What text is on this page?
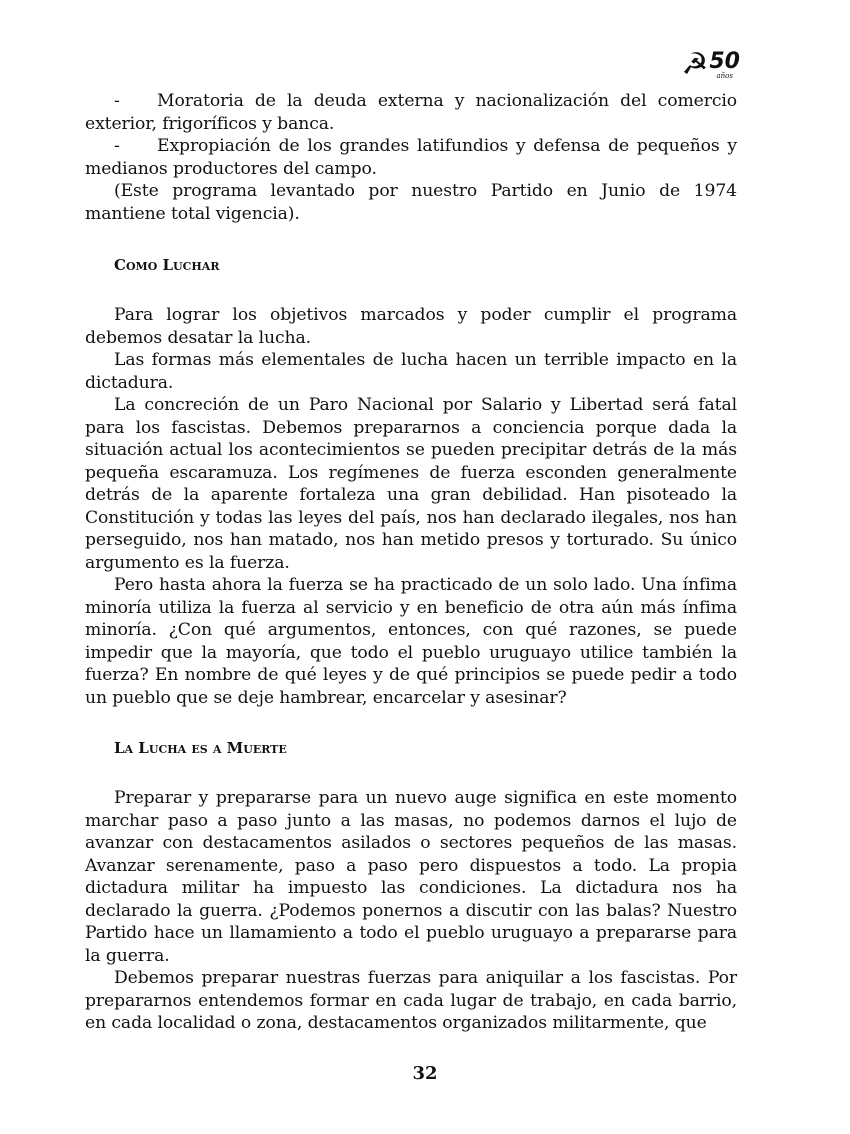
☭ 50
años

- Moratoria de la deuda externa y nacionalización del comercio exterior, frigoríficos y banca.

- Expropiación de los grandes latifundios y defensa de pequeños y medianos productores del campo.

(Este programa levantado por nuestro Partido en Junio de 1974 mantiene total vigencia).

Como Luchar

Para lograr los objetivos marcados y poder cumplir el programa debemos desatar la lucha.

Las formas más elementales de lucha hacen un terrible impacto en la dictadura.

La concreción de un Paro Nacional por Salario y Libertad será fatal para los fascistas. Debemos prepararnos a conciencia porque dada la situación actual los acontecimientos se pueden precipitar detrás de la más pequeña escaramuza. Los regímenes de fuerza esconden generalmente detrás de la aparente fortaleza una gran debilidad. Han pisoteado la Constitución y todas las leyes del país, nos han declarado ilegales, nos han perseguido, nos han matado, nos han metido presos y torturado. Su único argumento es la fuerza.

Pero hasta ahora la fuerza se ha practicado de un solo lado. Una ínfima minoría utiliza la fuerza al servicio y en beneficio de otra aún más ínfima minoría. ¿Con qué argumentos, entonces, con qué razones, se puede impedir que la mayoría, que todo el pueblo uruguayo utilice también la fuerza? En nombre de qué leyes y de qué principios se puede pedir a todo un pueblo que se deje hambrear, encarcelar y asesinar?

La Lucha es a Muerte

Preparar y prepararse para un nuevo auge significa en este momento marchar paso a paso junto a las masas, no podemos darnos el lujo de avanzar con destacamentos asilados o sectores pequeños de las masas. Avanzar serenamente, paso a paso pero dispuestos a todo. La propia dictadura militar ha impuesto las condiciones. La dictadura nos ha declarado la guerra. ¿Podemos ponernos a discutir con las balas? Nuestro Partido hace un llamamiento a todo el pueblo uruguayo a prepararse para la guerra.

Debemos preparar nuestras fuerzas para aniquilar a los fascistas. Por prepararnos entendemos formar en cada lugar de trabajo, en cada barrio, en cada localidad o zona, destacamentos organizados militarmente, que

32
